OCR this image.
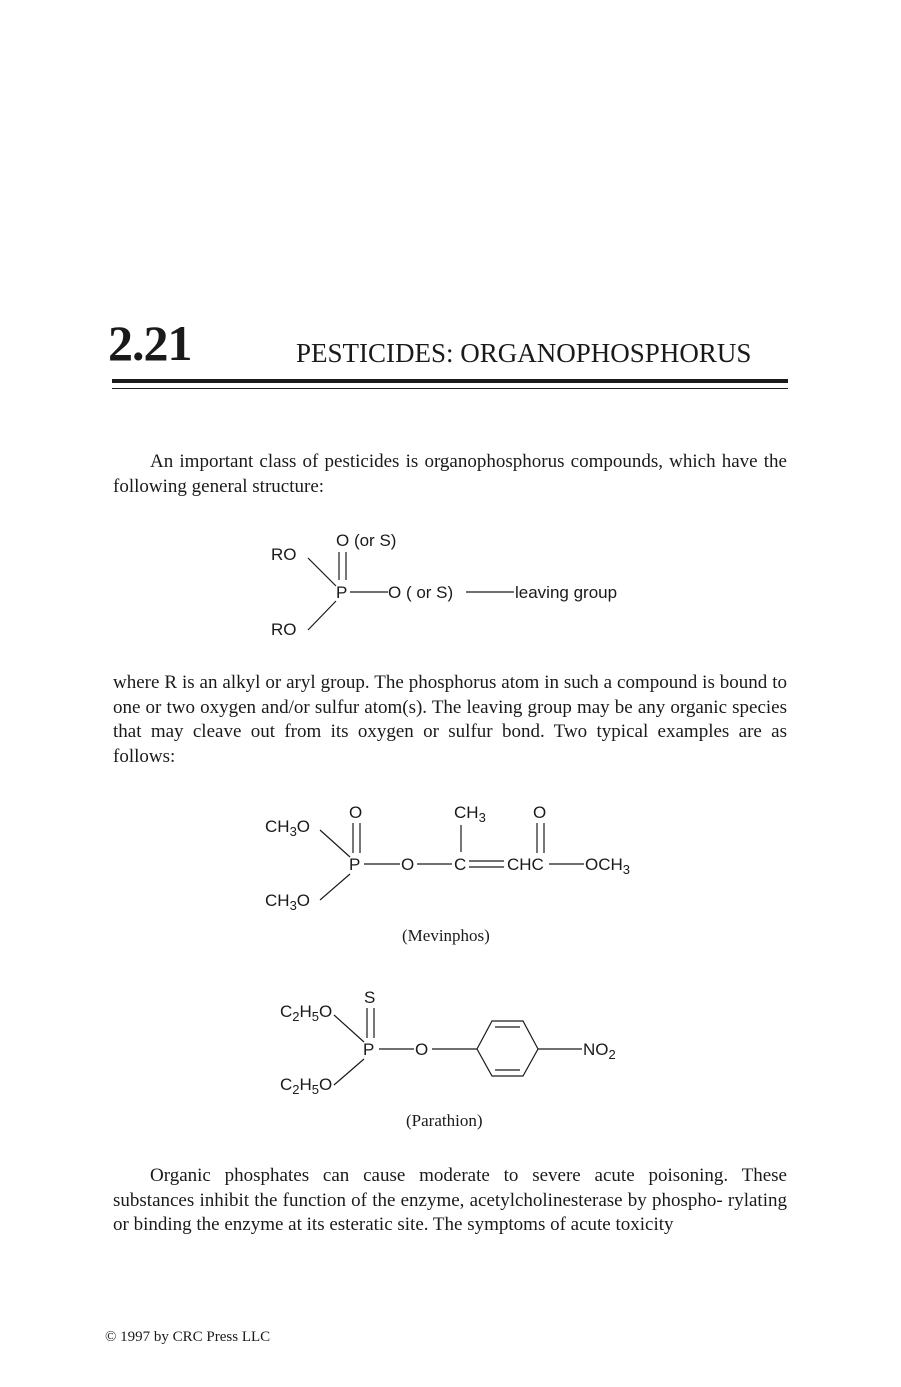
2.21	PESTICIDES: ORGANOPHOSPHORUS

An important class of pesticides is organophosphorus compounds, which have the following general structure:

where R is an alkyl or aryl group. The phosphorus atom in such a compound is bound to one or two oxygen and/or sulfur atom(s). The leaving group may be any organic species that may cleave out from its oxygen or sulfur bond. Two typical examples are as follows:

Organic phosphates can cause moderate to severe acute poisoning. These substances inhibit the function of the enzyme, acetylcholinesterase by phospho- rylating or binding the enzyme at its esteratic site. The symptoms of acute toxicity

RO
RO
O (or S)
P O ( or S)	leaving group
$CH_3O$
$CH_3O$
O
P O C
$CH_3$	O
CHC $OCH_3$
$C_2H_5O$
$C_2H_5O$
S
P O	$NO_2$
(Mevinphos)
(Parathion)
© 1997 by CRC Press LLC
